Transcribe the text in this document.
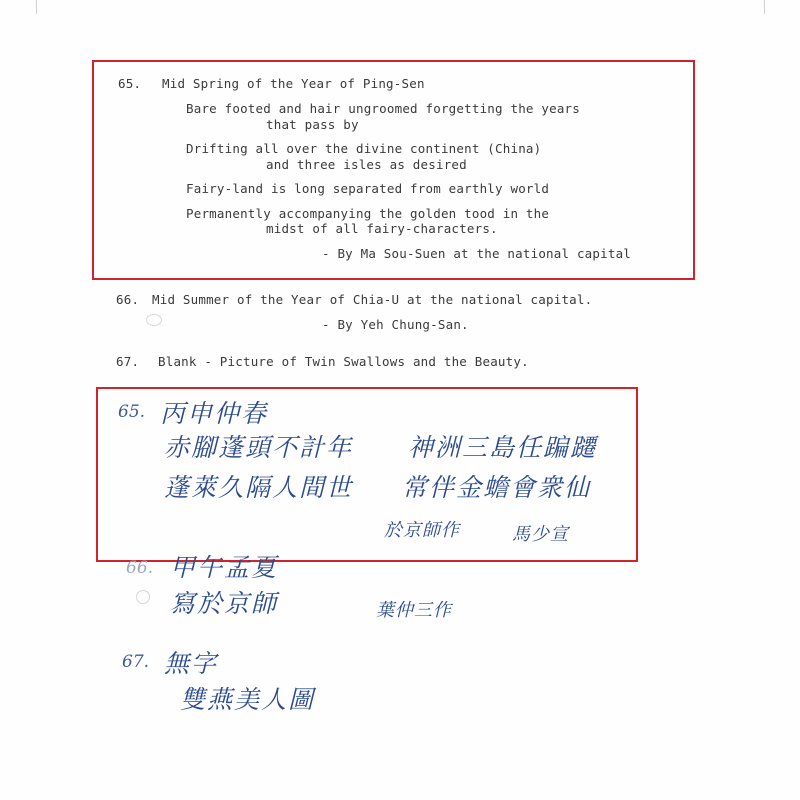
65. Mid Spring of the Year of Ping-Sen
Bare footed and hair ungroomed forgetting the years
that pass by
Drifting all over the divine continent (China)
and three isles as desired
Fairy-land is long separated from earthly world
Permanently accompanying the golden tood in the
midst of all fairy-characters.
- By Ma Sou-Suen at the national capital
66. Mid Summer of the Year of Chia-U at the national capital.
- By Yeh Chung-San.
67. Blank - Picture of Twin Swallows and the Beauty.
65. 丙申仲春
赤腳蓬頭不計年 神洲三島任蹁躚
蓬萊久隔人間世 常伴金蟾會衆仙
於京師作	馬少宣
66. 甲午孟夏
寫於京師	葉仲三作
67. 無字
雙燕美人圖
